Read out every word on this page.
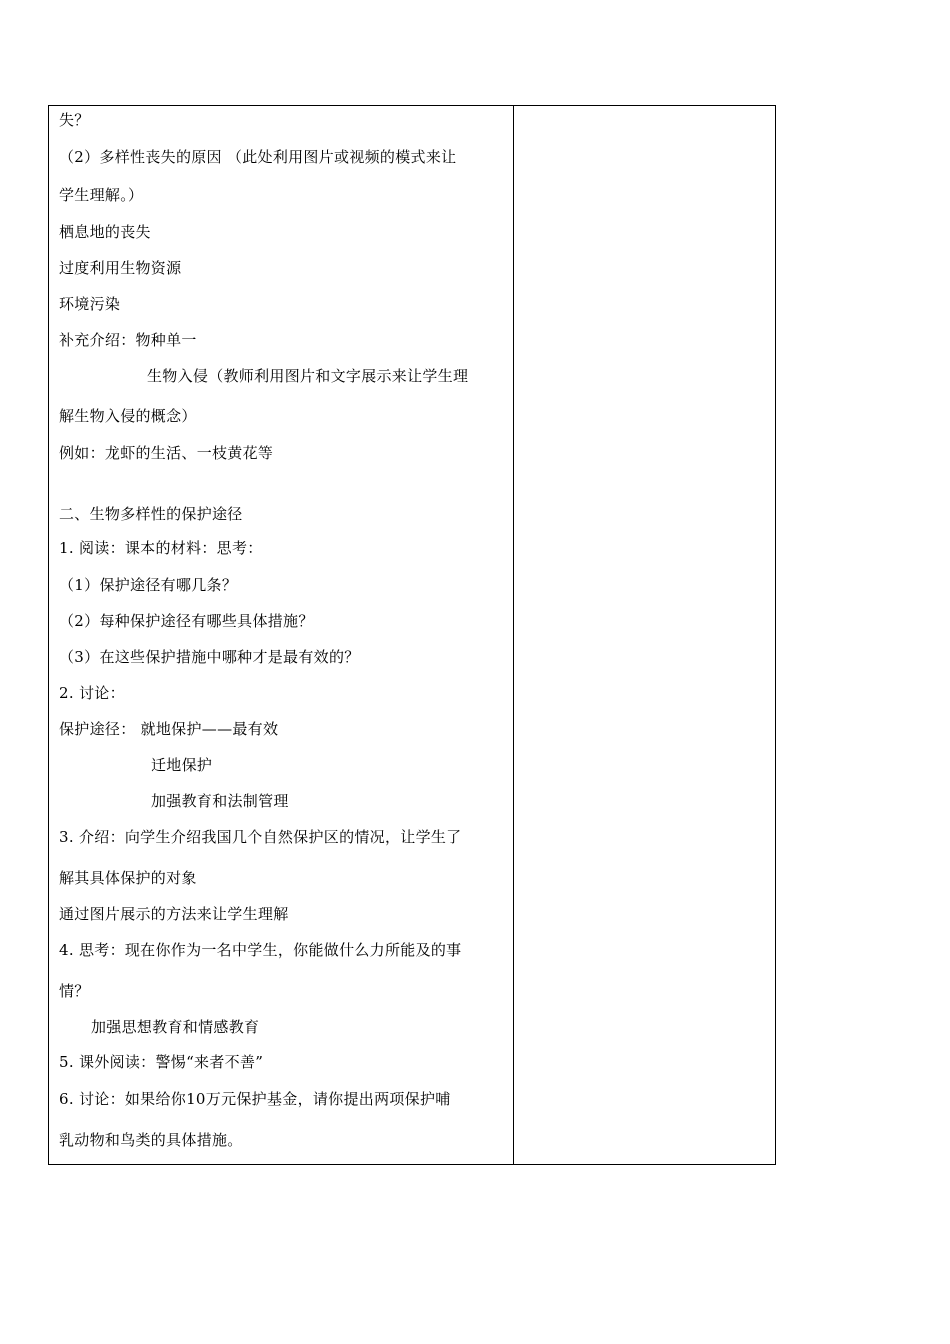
失？
（2）多样性丧失的原因 （此处利用图片或视频的模式来让
学生理解。）
栖息地的丧失
过度利用生物资源
环境污染
补充介绍：物种单一
生物入侵（教师利用图片和文字展示来让学生理
解生物入侵的概念）
例如：龙虾的生活、一枝黄花等
二、生物多样性的保护途径
1. 阅读：课本的材料：思考：
（1）保护途径有哪几条？
（2）每种保护途径有哪些具体措施？
（3）在这些保护措施中哪种才是最有效的？
2. 讨论：
保护途径： 就地保护——最有效
迁地保护
加强教育和法制管理
3. 介绍：向学生介绍我国几个自然保护区的情况，让学生了
解其具体保护的对象
通过图片展示的方法来让学生理解
4. 思考：现在你作为一名中学生，你能做什么力所能及的事
情？
加强思想教育和情感教育
5. 课外阅读：警惕“来者不善”
6. 讨论：如果给你10万元保护基金，请你提出两项保护哺
乳动物和鸟类的具体措施。
